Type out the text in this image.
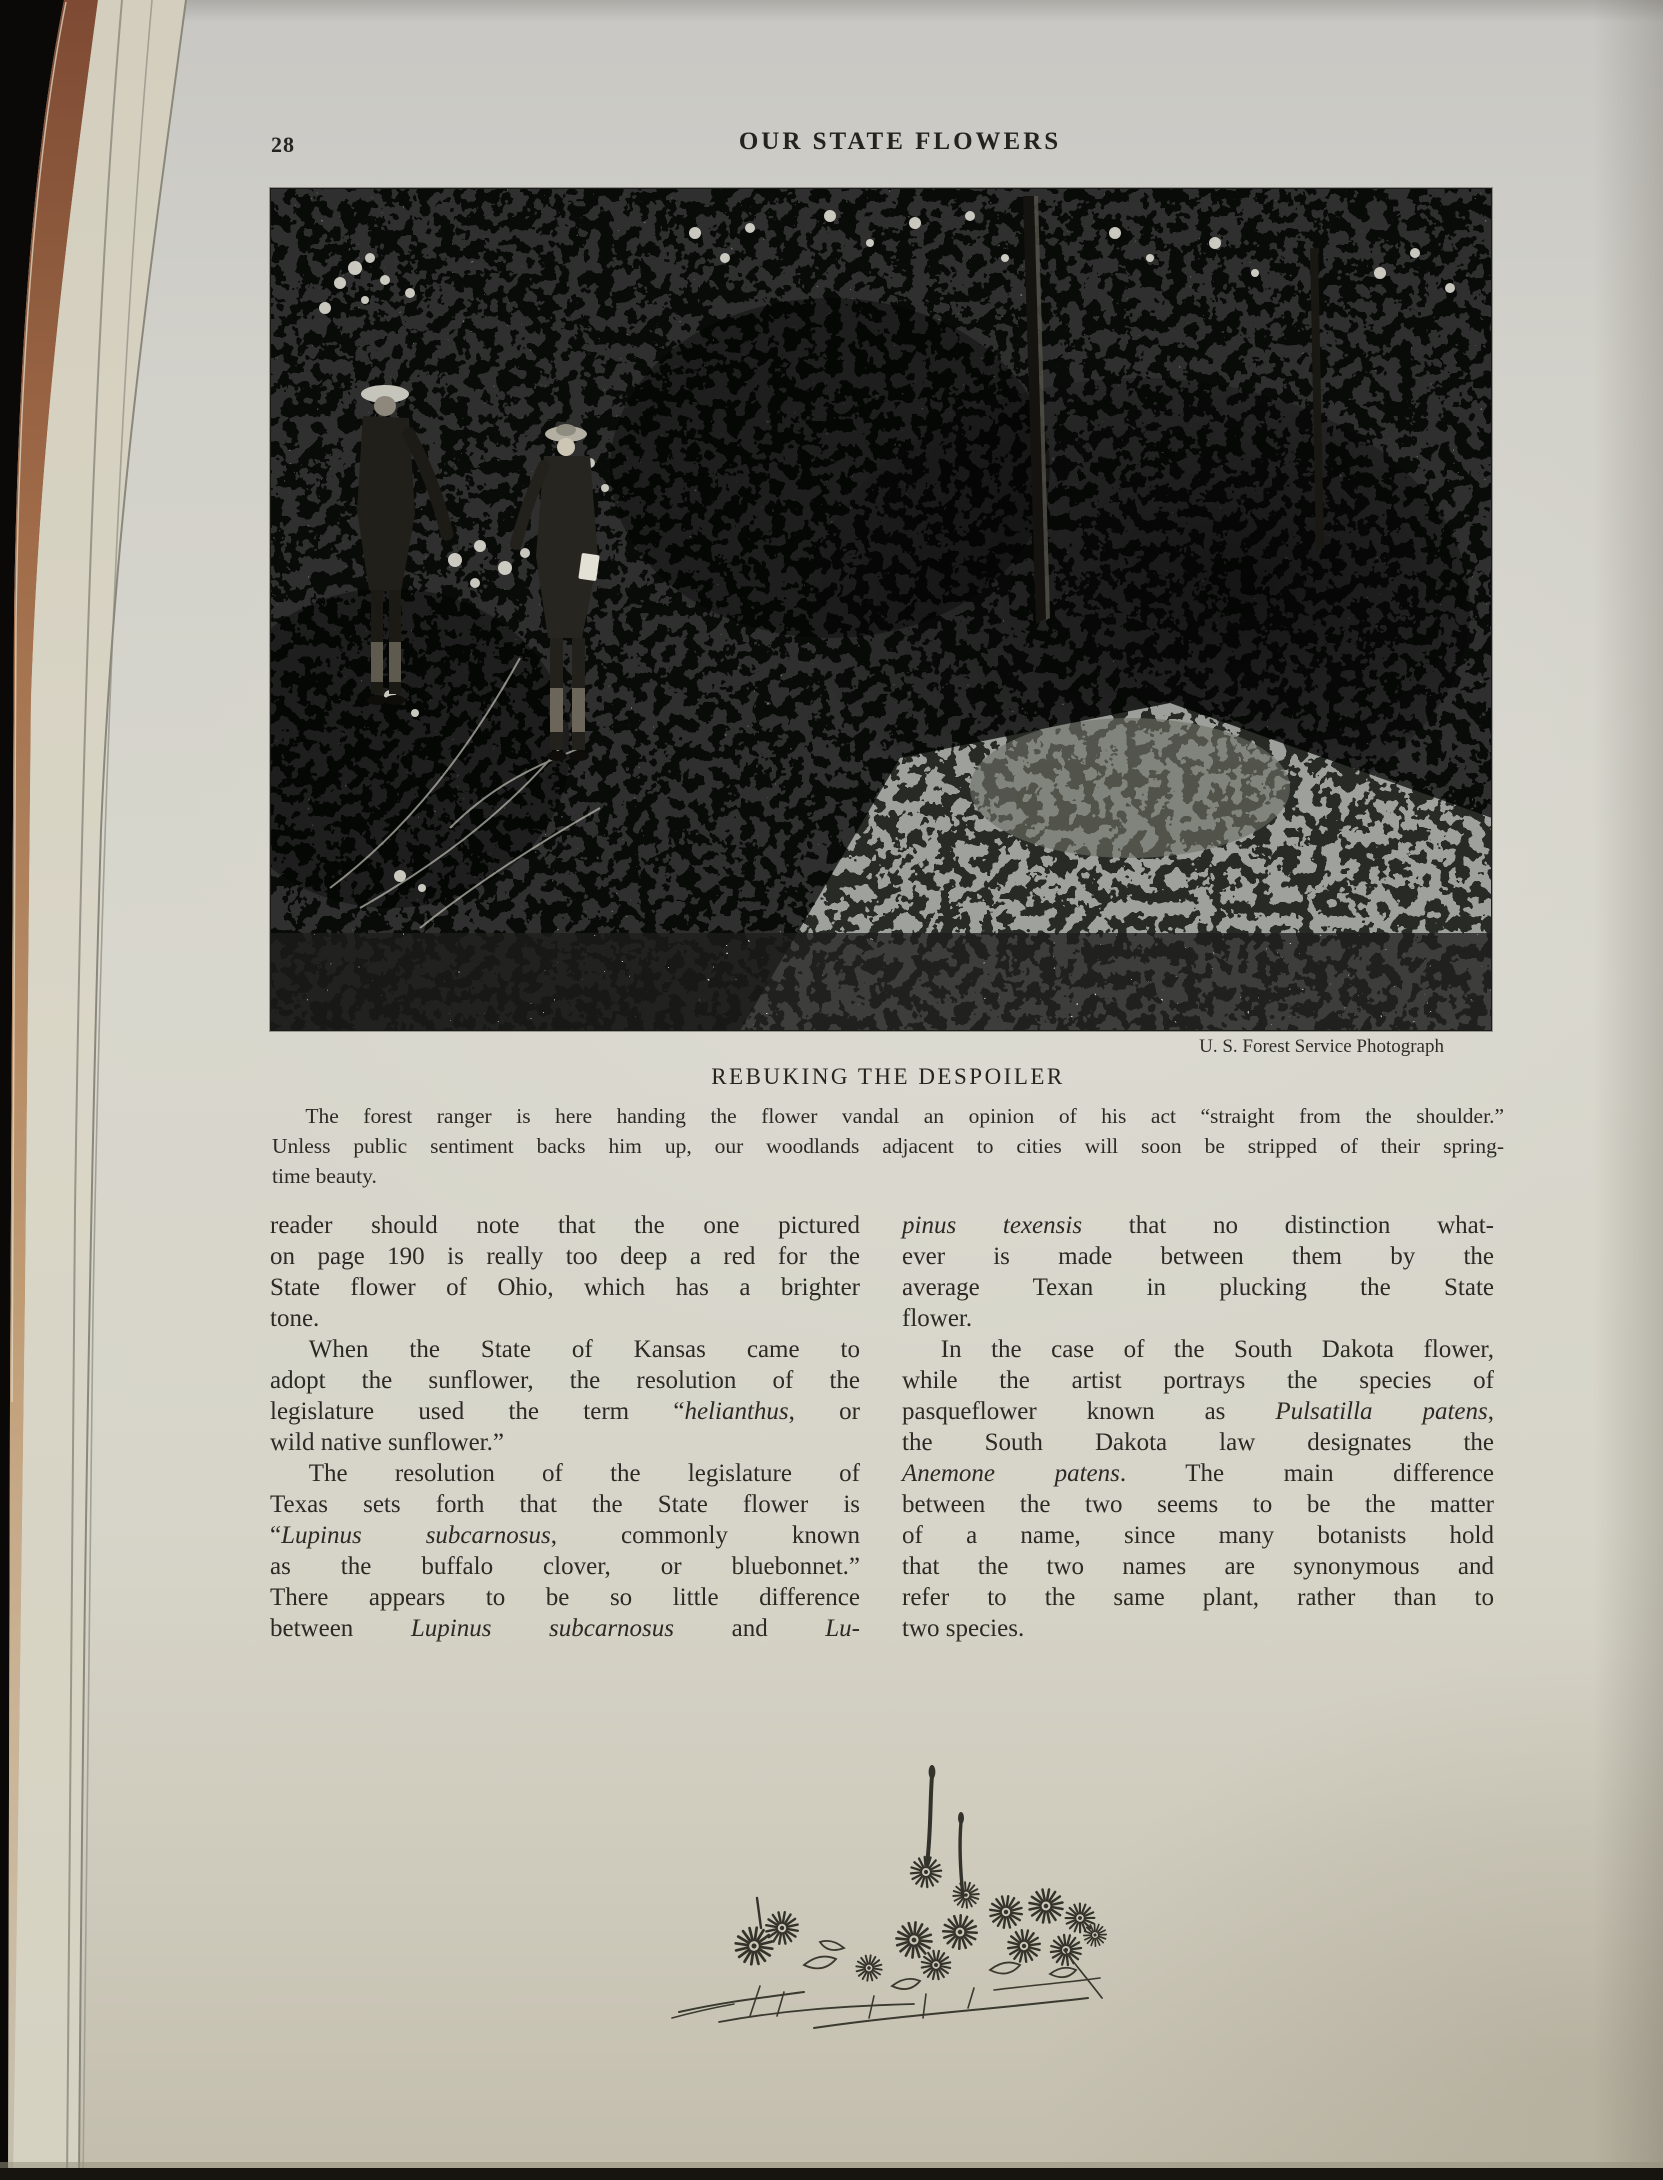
28	OUR STATE FLOWERS
U. S. Forest Service Photograph
REBUKING THE DESPOILER
The forest ranger is here handing the flower vandal an opinion of his act “straight from the shoulder.”
Unless public sentiment backs him up, our woodlands adjacent to cities will soon be stripped of their spring-
time beauty.
reader should note that the one pictured
on page 190 is really too deep a red for the
State flower of Ohio, which has a brighter
tone.
When the State of Kansas came to
adopt the sunflower, the resolution of the
legislature used the term “helianthus, or
wild native sunflower.”
The resolution of the legislature of
Texas sets forth that the State flower is
“Lupinus subcarnosus, commonly known
as the buffalo clover, or bluebonnet.”
There appears to be so little difference
between Lupinus subcarnosus and Lu-
pinus texensis that no distinction what-
ever is made between them by the
average Texan in plucking the State
flower.
In the case of the South Dakota flower,
while the artist portrays the species of
pasqueflower known as Pulsatilla patens,
the South Dakota law designates the
Anemone patens. The main difference
between the two seems to be the matter
of a name, since many botanists hold
that the two names are synonymous and
refer to the same plant, rather than to
two species.
